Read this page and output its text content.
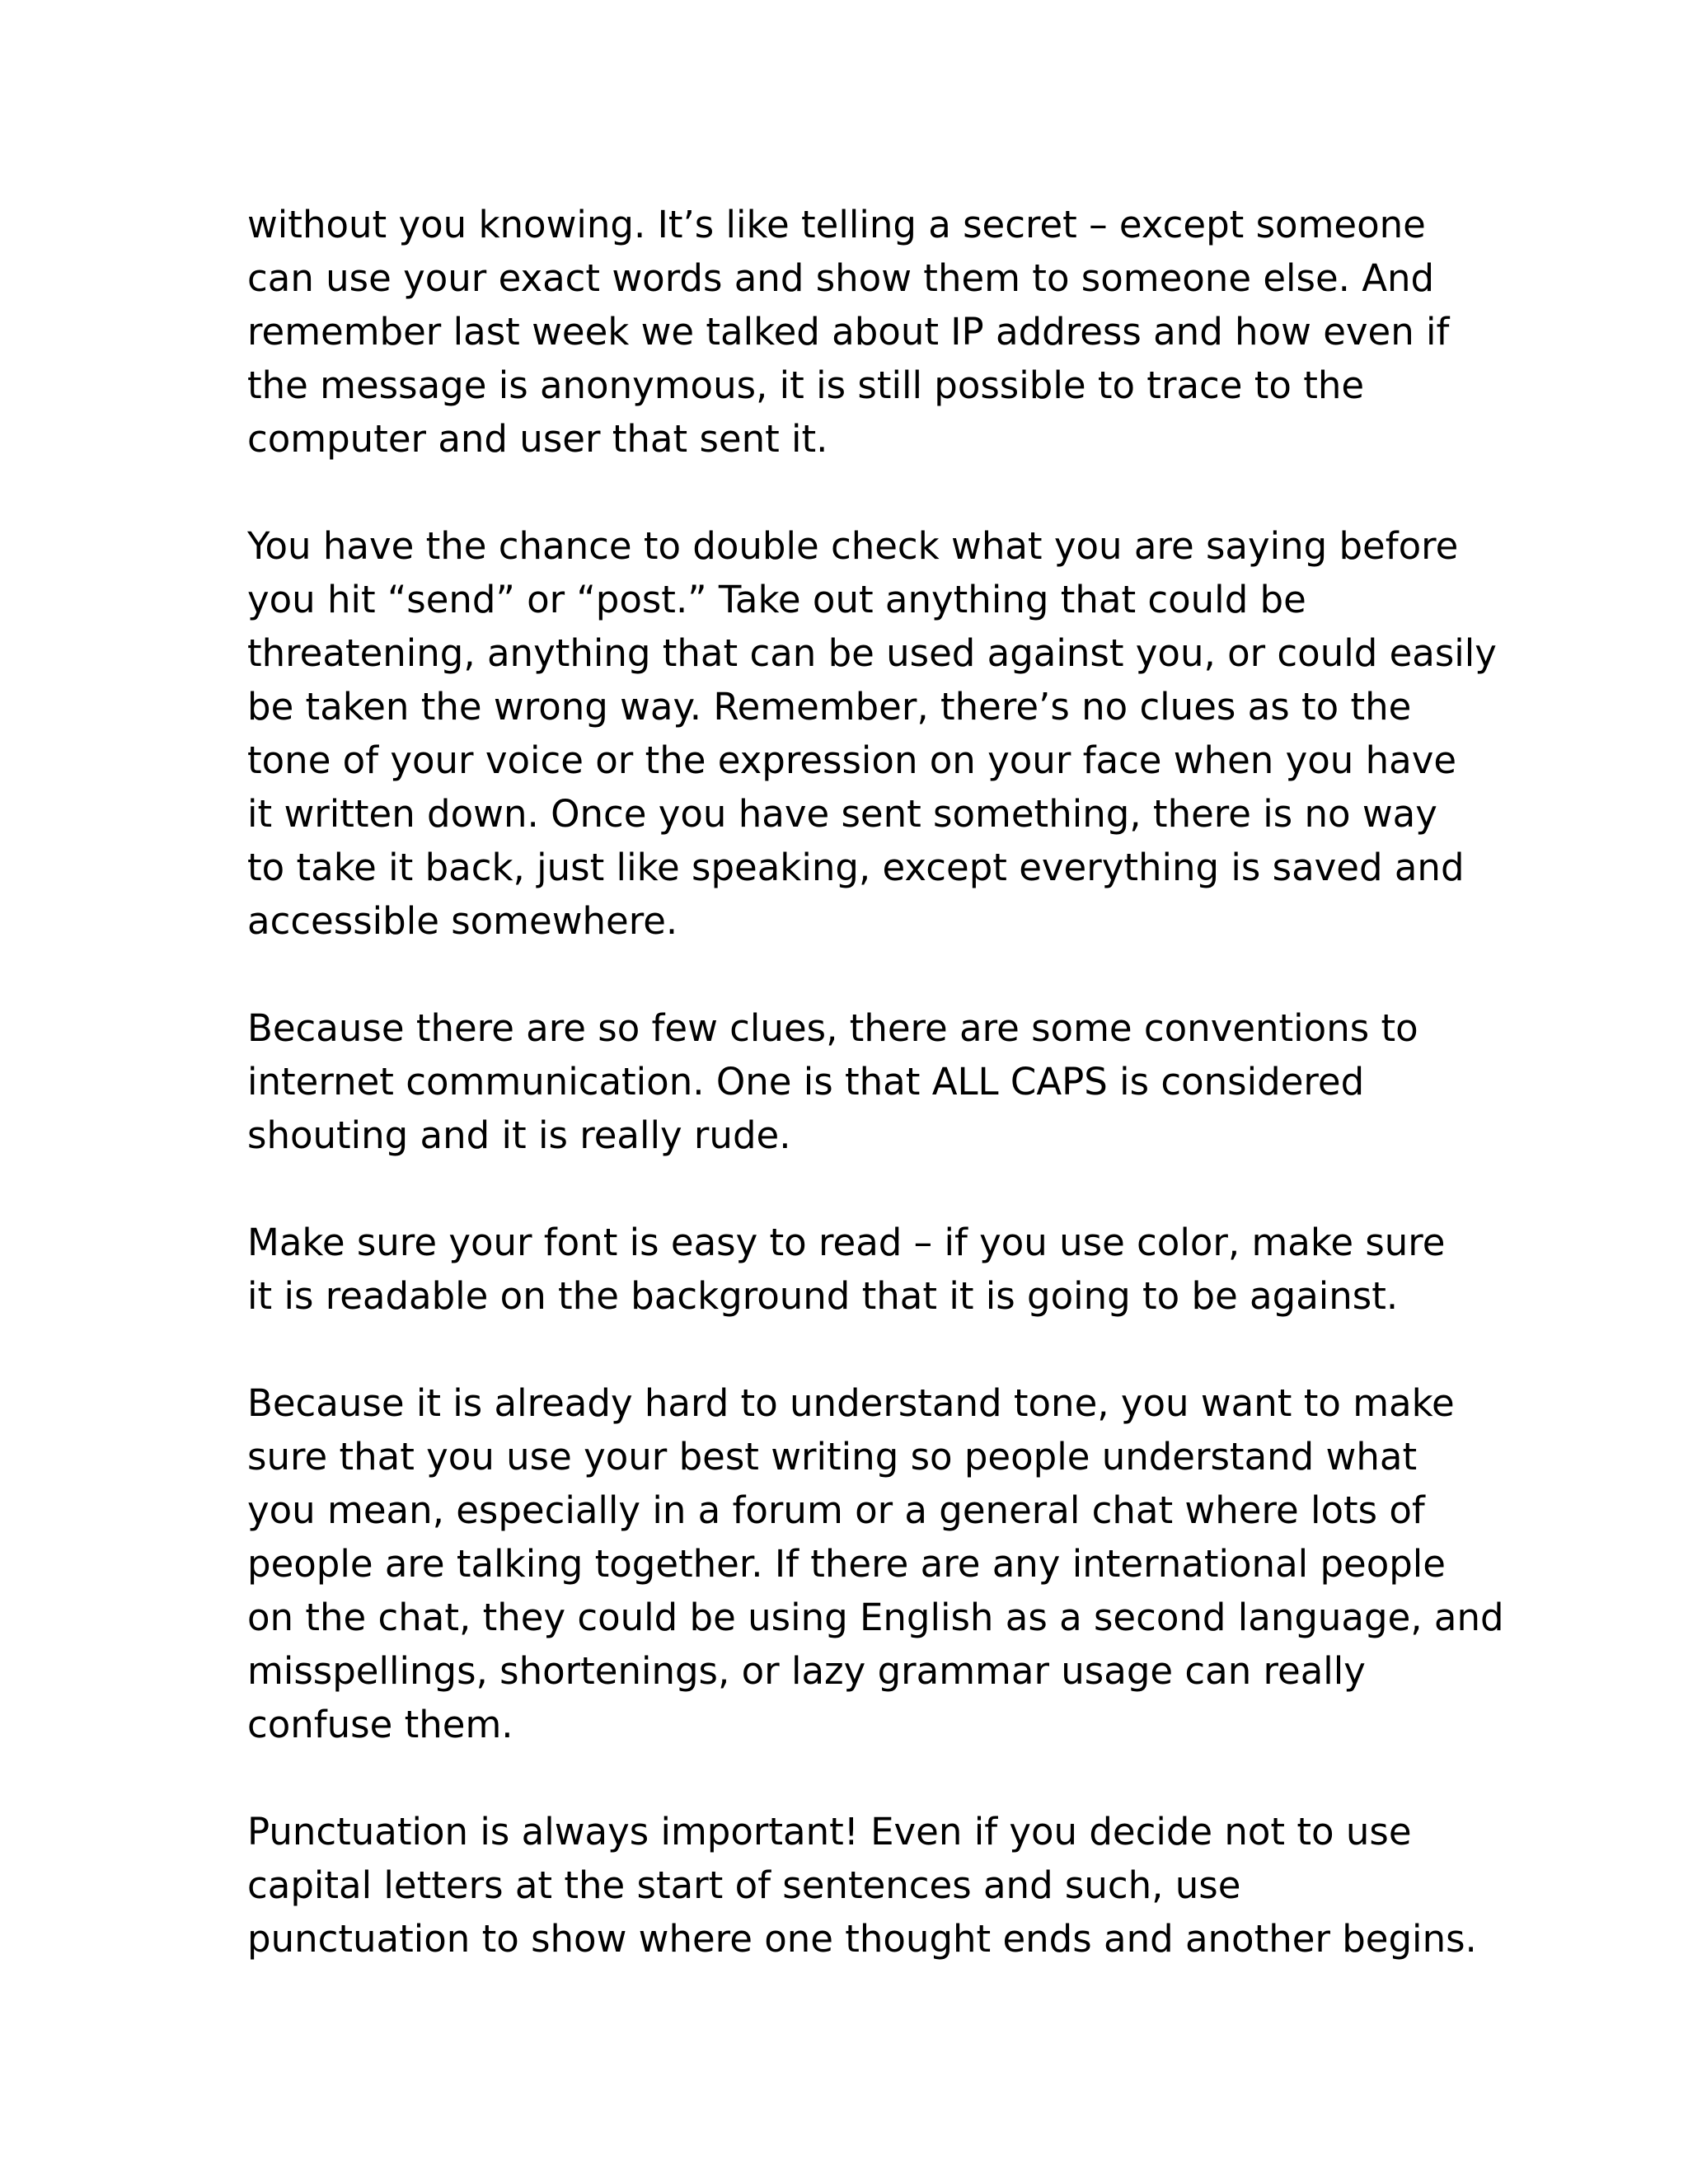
without you knowing. It’s like telling a secret – except someone
can use your exact words and show them to someone else. And
remember last week we talked about IP address and how even if
the message is anonymous, it is still possible to trace to the
computer and user that sent it.

You have the chance to double check what you are saying before
you hit “send” or “post.” Take out anything that could be
threatening, anything that can be used against you, or could easily
be taken the wrong way. Remember, there’s no clues as to the
tone of your voice or the expression on your face when you have
it written down. Once you have sent something, there is no way
to take it back, just like speaking, except everything is saved and
accessible somewhere.

Because there are so few clues, there are some conventions to
internet communication. One is that ALL CAPS is considered
shouting and it is really rude.

Make sure your font is easy to read – if you use color, make sure
it is readable on the background that it is going to be against.

Because it is already hard to understand tone, you want to make
sure that you use your best writing so people understand what
you mean, especially in a forum or a general chat where lots of
people are talking together. If there are any international people
on the chat, they could be using English as a second language, and
misspellings, shortenings, or lazy grammar usage can really
confuse them.

Punctuation is always important! Even if you decide not to use
capital letters at the start of sentences and such, use
punctuation to show where one thought ends and another begins.
